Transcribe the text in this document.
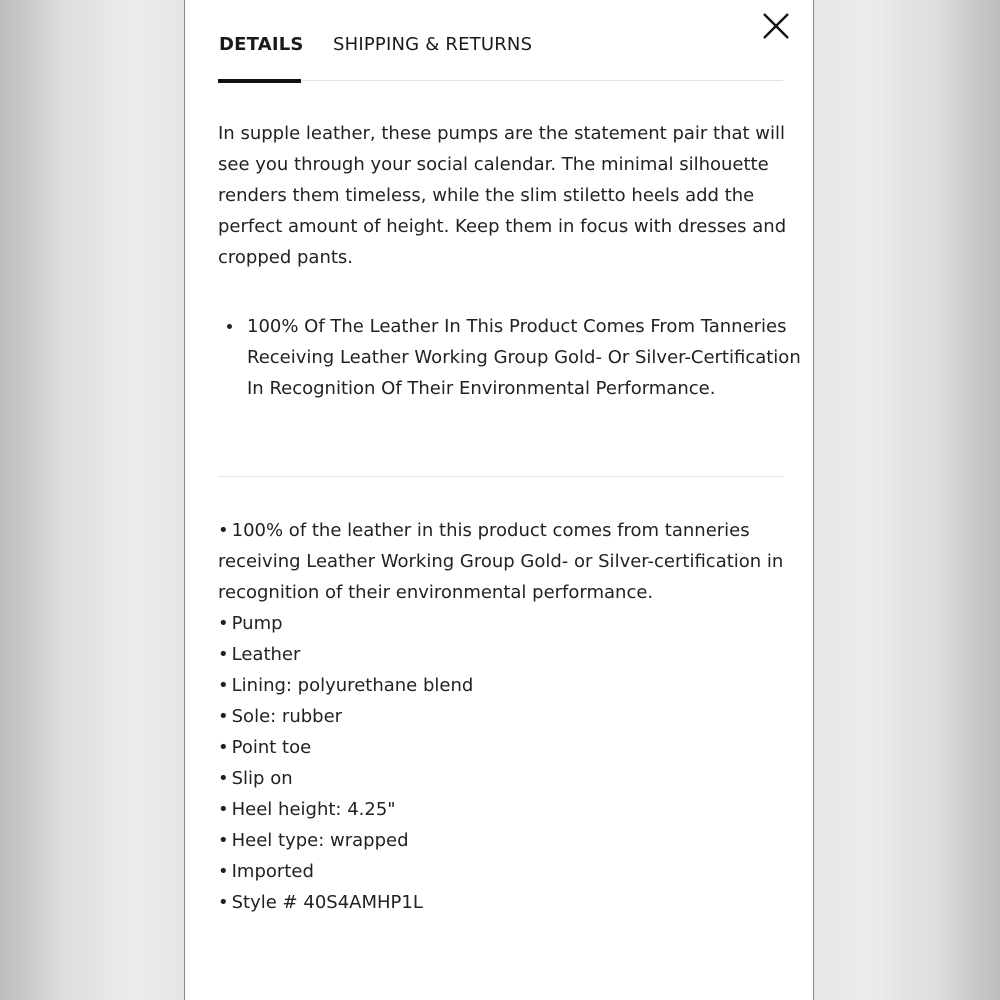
DETAILS SHIPPING & RETURNS
In supple leather, these pumps are the statement pair that will see you through your social calendar. The minimal silhouette renders them timeless, while the slim stiletto heels add the perfect amount of height. Keep them in focus with dresses and cropped pants.
100% Of The Leather In This Product Comes From Tanneries Receiving Leather Working Group Gold- Or Silver-Certification In Recognition Of Their Environmental Performance.
• 100% of the leather in this product comes from tanneries receiving Leather Working Group Gold- or Silver-certification in recognition of their environmental performance.
• Pump
• Leather
• Lining: polyurethane blend
• Sole: rubber
• Point toe
• Slip on
• Heel height: 4.25"
• Heel type: wrapped
• Imported
• Style # 40S4AMHP1L
